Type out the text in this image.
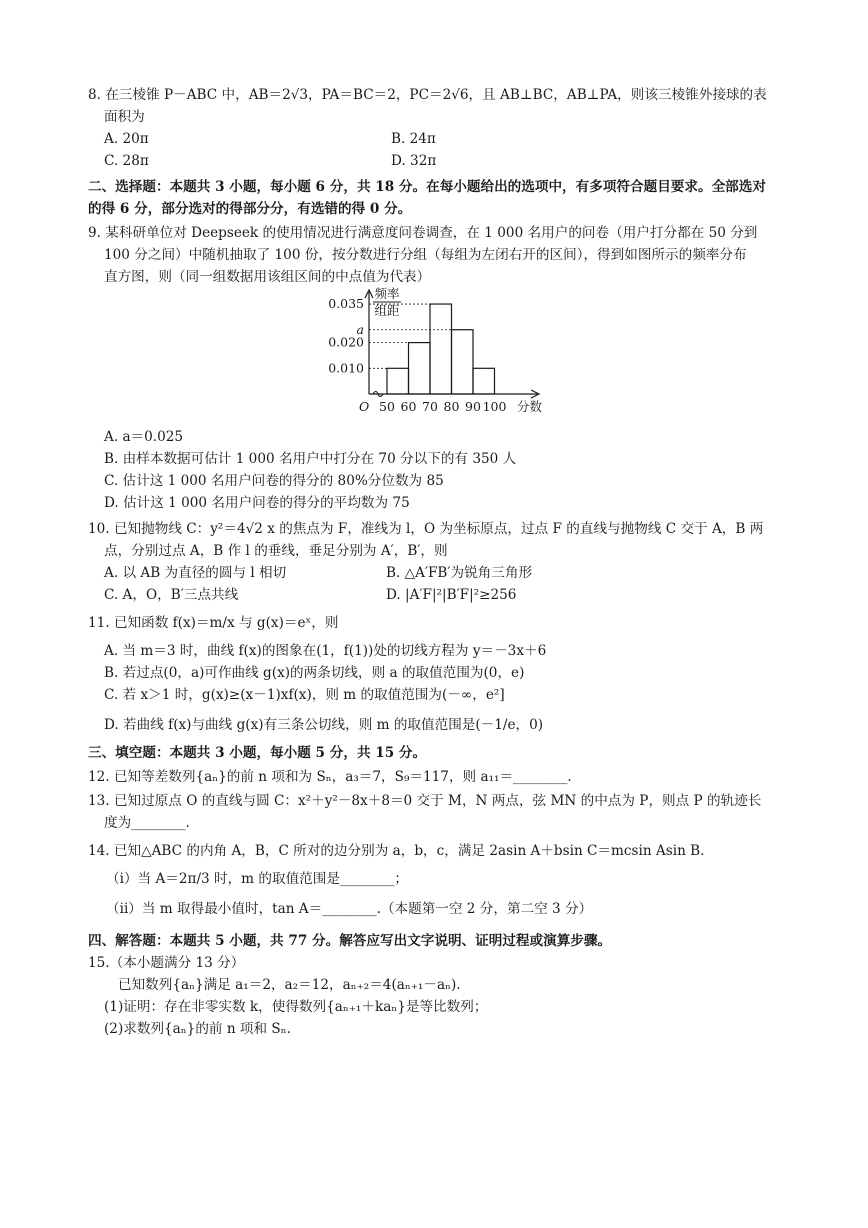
8. 在三棱锥 P－ABC 中，AB＝2√3，PA＝BC＝2，PC＝2√6，且 AB⊥BC，AB⊥PA，则该三棱锥外接球的表
面积为
A. 20π	B. 24π
C. 28π	D. 32π
二、选择题：本题共 3 小题，每小题 6 分，共 18 分。在每小题给出的选项中，有多项符合题目要求。全部选对
的得 6 分，部分选对的得部分分，有选错的得 0 分。
9. 某科研单位对 Deepseek 的使用情况进行满意度问卷调查，在 1 000 名用户的问卷（用户打分都在 50 分到
100 分之间）中随机抽取了 100 份，按分数进行分组（每组为左闭右开的区间），得到如图所示的频率分布
直方图，则（同一组数据用该组区间的中点值为代表）
0.035
a
0.020
0.010
50 60 70 80 90 100
O	分数
频率
组距
A. a＝0.025
B. 由样本数据可估计 1 000 名用户中打分在 70 分以下的有 350 人
C. 估计这 1 000 名用户问卷的得分的 80%分位数为 85
D. 估计这 1 000 名用户问卷的得分的平均数为 75
10. 已知抛物线 C：y²＝4√2 x 的焦点为 F，准线为 l，O 为坐标原点，过点 F 的直线与抛物线 C 交于 A，B 两
点，分别过点 A，B 作 l 的垂线，垂足分别为 A′，B′，则
A. 以 AB 为直径的圆与 l 相切	B. △A′FB′为锐角三角形
C. A，O，B′三点共线	D. |A′F|²|B′F|²≥256
11. 已知函数 f(x)＝m/x 与 g(x)＝eˣ，则
A. 当 m＝3 时，曲线 f(x)的图象在(1，f(1))处的切线方程为 y＝－3x＋6
B. 若过点(0，a)可作曲线 g(x)的两条切线，则 a 的取值范围为(0，e)
C. 若 x＞1 时，g(x)≥(x－1)xf(x)，则 m 的取值范围为(－∞，e²]
D. 若曲线 f(x)与曲线 g(x)有三条公切线，则 m 的取值范围是(－1/e，0)
三、填空题：本题共 3 小题，每小题 5 分，共 15 分。
12. 已知等差数列{aₙ}的前 n 项和为 Sₙ，a₃＝7，S₉＝117，则 a₁₁＝________.
13. 已知过原点 O 的直线与圆 C：x²＋y²－8x＋8＝0 交于 M，N 两点，弦 MN 的中点为 P，则点 P 的轨迹长
度为________.
14. 已知△ABC 的内角 A，B，C 所对的边分别为 a，b，c，满足 2asin A＋bsin C＝mcsin Asin B.
（ⅰ）当 A＝2π/3 时，m 的取值范围是________；
（ⅱ）当 m 取得最小值时，tan A＝________.（本题第一空 2 分，第二空 3 分）
四、解答题：本题共 5 小题，共 77 分。解答应写出文字说明、证明过程或演算步骤。
15.（本小题满分 13 分）
已知数列{aₙ}满足 a₁＝2，a₂＝12，aₙ₊₂＝4(aₙ₊₁－aₙ).
(1)证明：存在非零实数 k，使得数列{aₙ₊₁＋kaₙ}是等比数列；
(2)求数列{aₙ}的前 n 项和 Sₙ.
